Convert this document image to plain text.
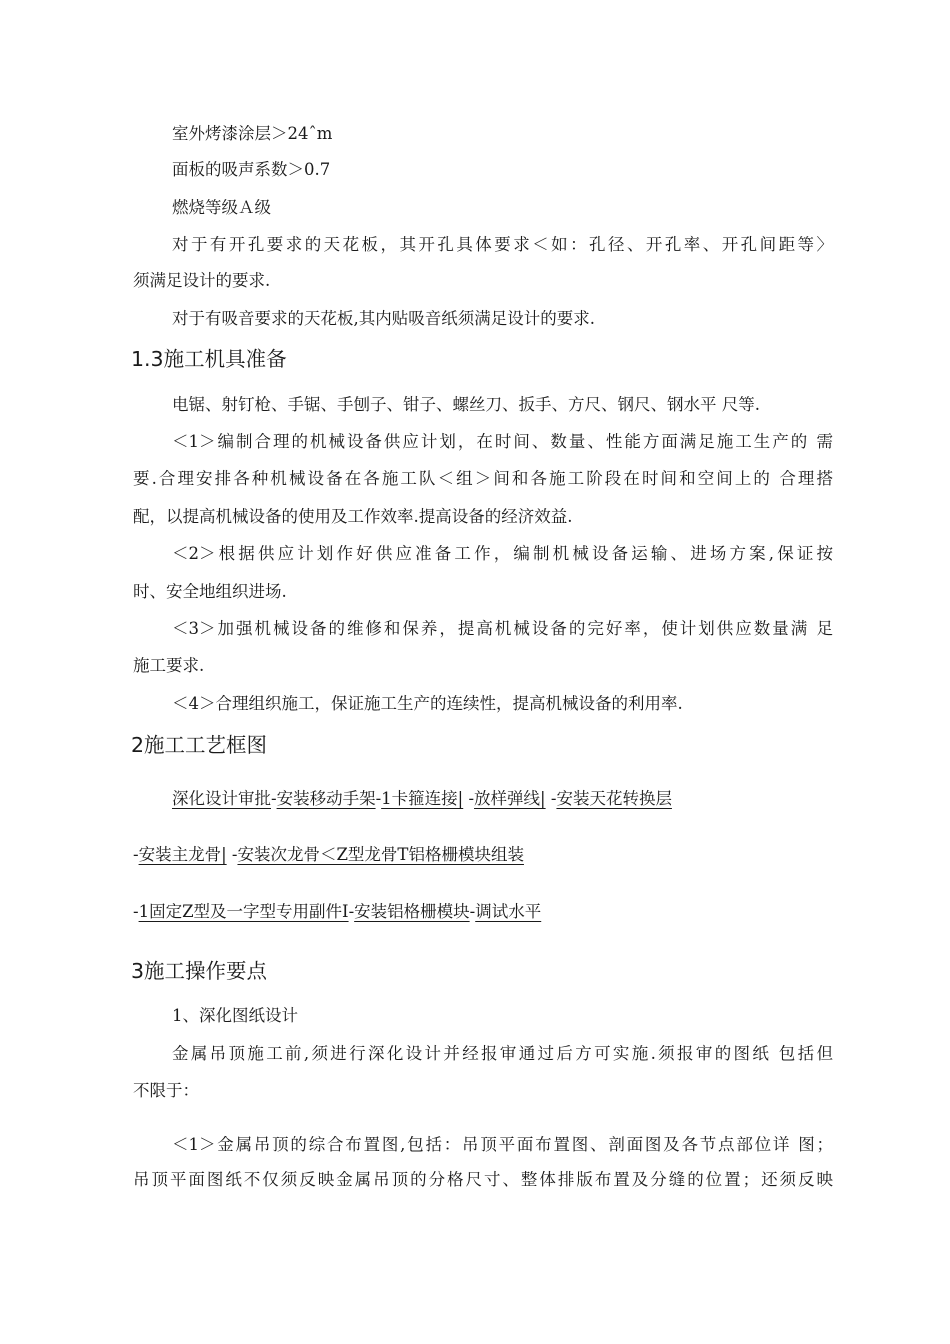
室外烤漆涂层＞24ˆm
面板的吸声系数＞0.7
燃烧等级Ａ级
对于有开孔要求的天花板，其开孔具体要求＜如：孔径、开孔率、开孔间距等〉
须满足设计的要求.
对于有吸音要求的天花板,其内贴吸音纸须满足设计的要求.
1.3施工机具准备
电锯、射钉枪、手锯、手刨子、钳子、螺丝刀、扳手、方尺、钢尺、钢水平 尺等.
＜1＞编制合理的机械设备供应计划，在时间、数量、性能方面满足施工生产的 需
要.合理安排各种机械设备在各施工队＜组＞间和各施工阶段在时间和空间上的 合理搭
配，以提高机械设备的使用及工作效率.提高设备的经济效益.
＜2＞根据供应计划作好供应准备工作，编制机械设备运输、进场方案,保证按
时、安全地组织进场.
＜3＞加强机械设备的维修和保养，提高机械设备的完好率，使计划供应数量满 足
施工要求.
＜4＞合理组织施工，保证施工生产的连续性，提高机械设备的利用率.
2施工工艺框图
深化设计审批-安装移动手架-1卡箍连接| -放样弹线| -安装天花转换层
-安装主龙骨| -安装次龙骨＜Z型龙骨T铝格栅模块组装
-1固定Z型及一字型专用副件I-安装铝格栅模块-调试水平
3施工操作要点
1、深化图纸设计
金属吊顶施工前,须进行深化设计并经报审通过后方可实施.须报审的图纸 包括但
不限于：
＜1＞金属吊顶的综合布置图,包括：吊顶平面布置图、剖面图及各节点部位详 图；
吊顶平面图纸不仅须反映金属吊顶的分格尺寸、整体排版布置及分缝的位置；还须反映
